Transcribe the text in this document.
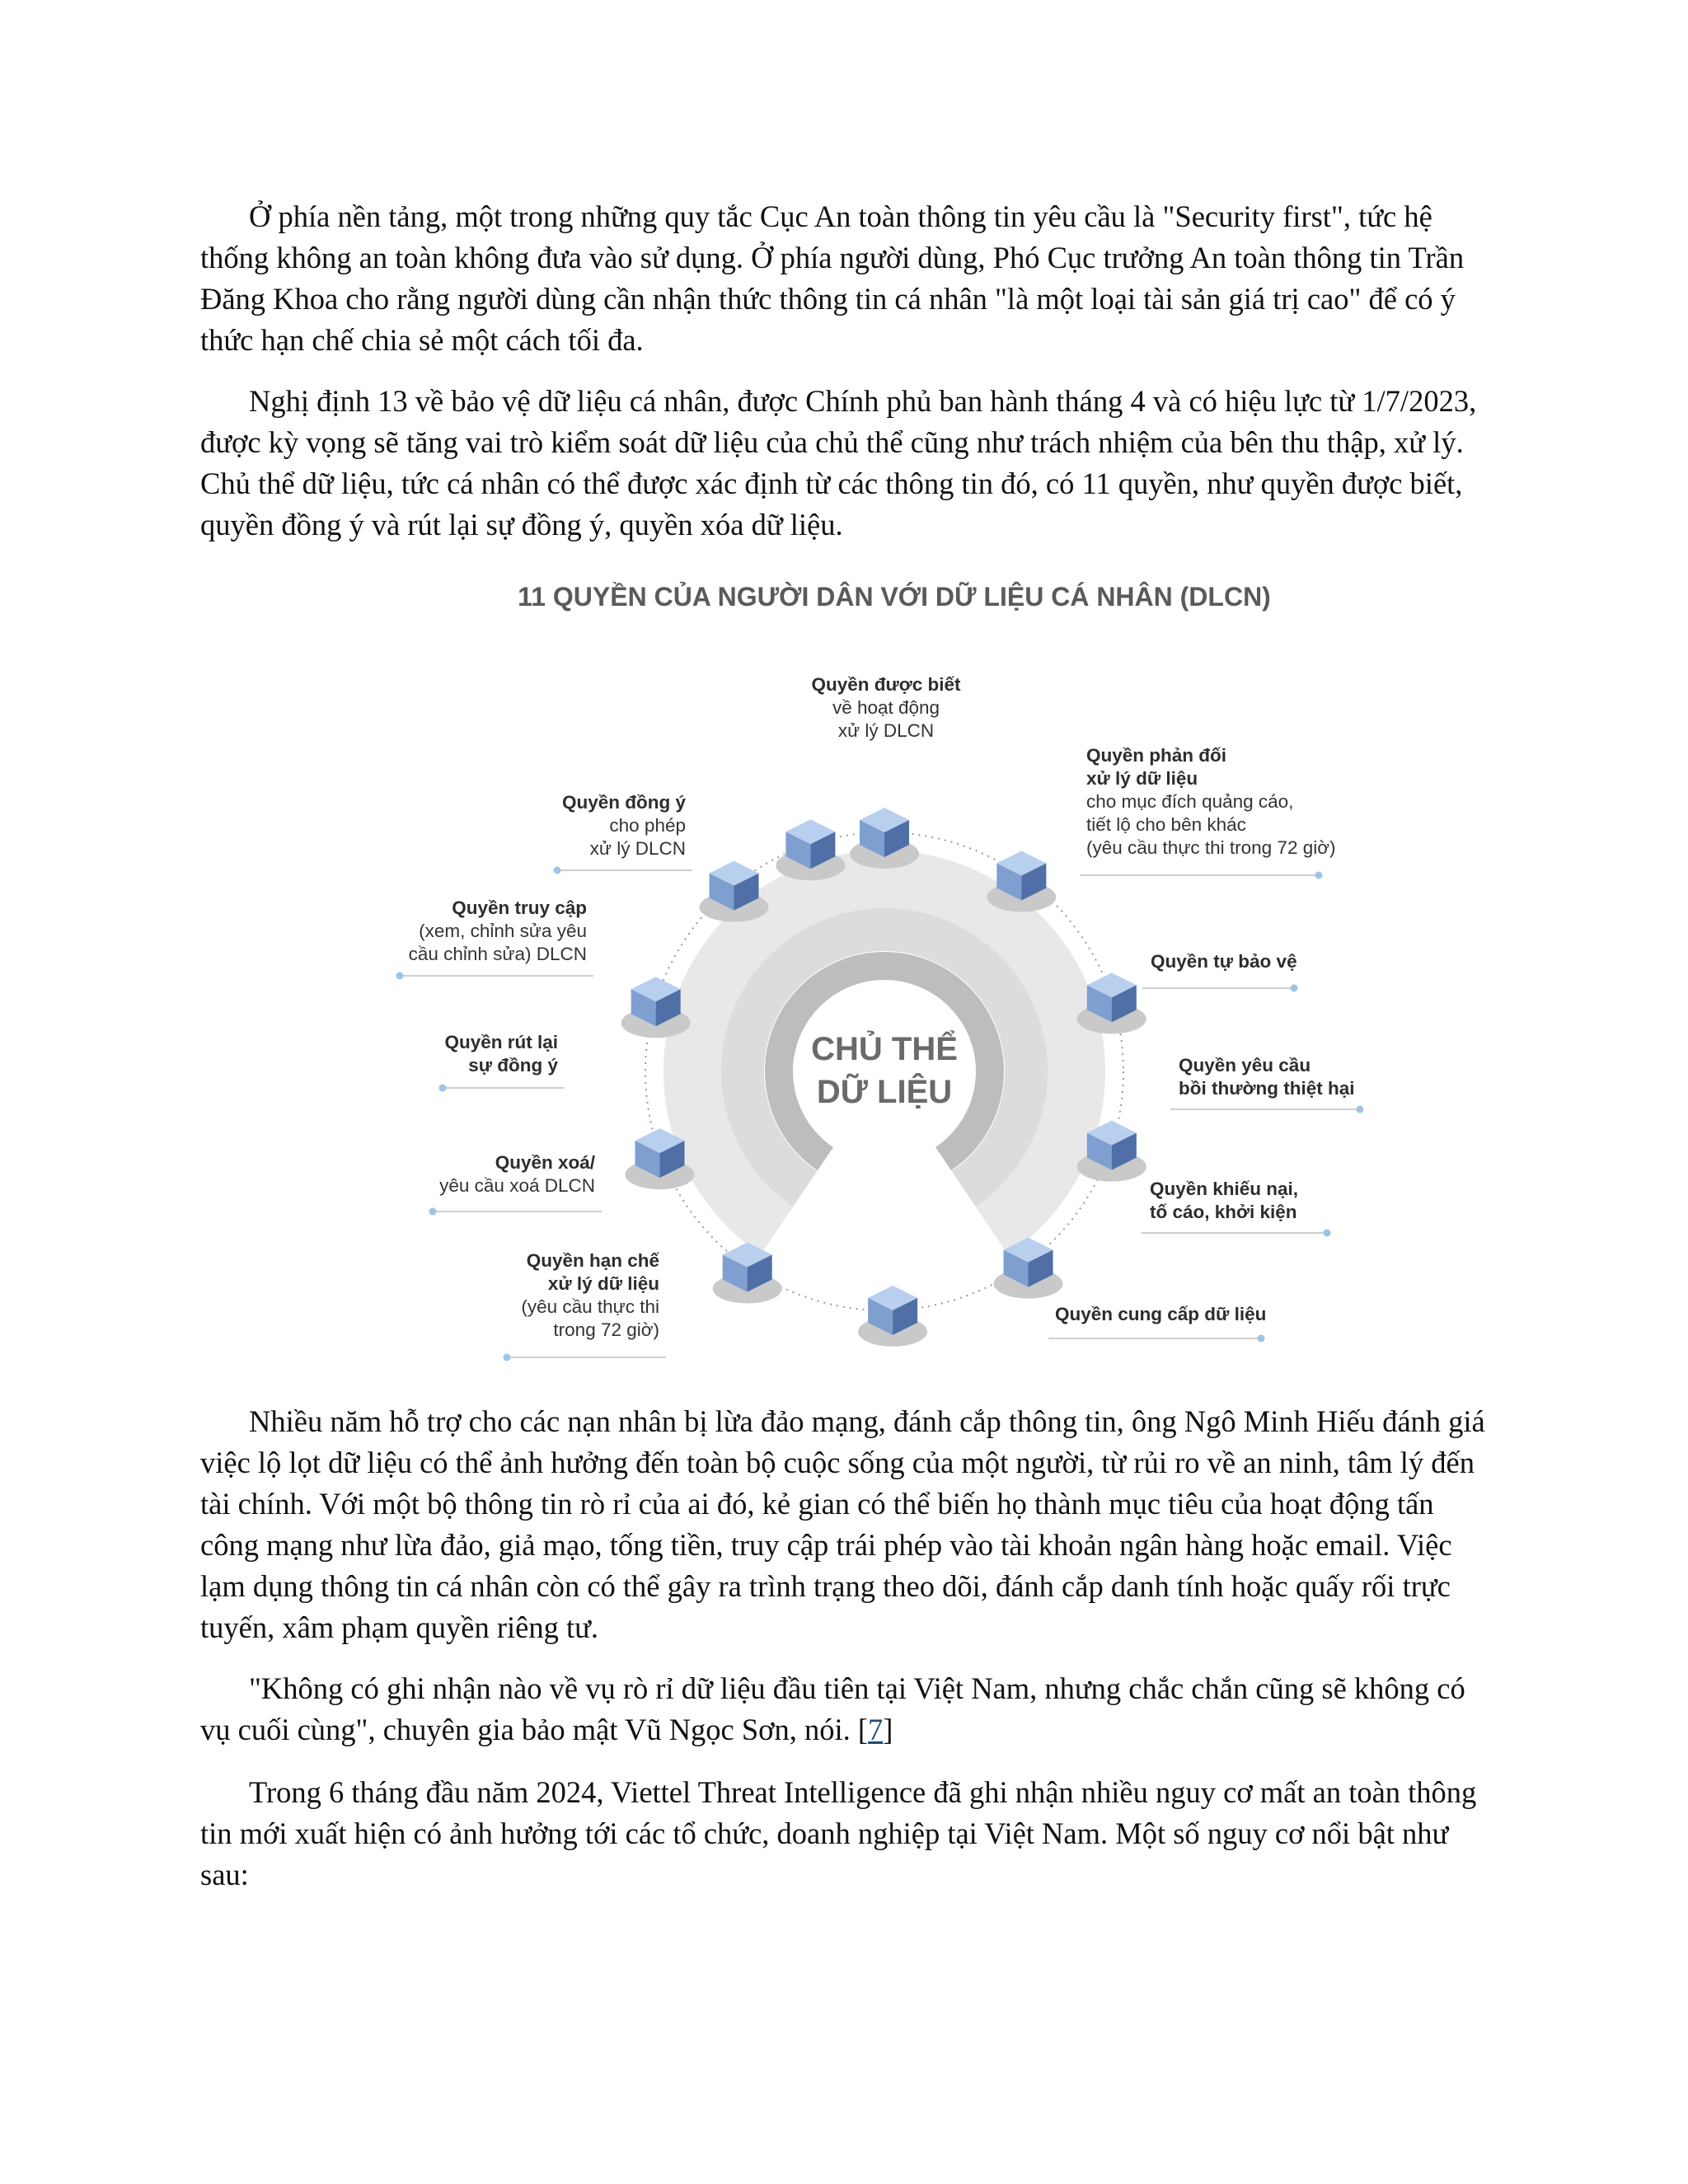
Ở phía nền tảng, một trong những quy tắc Cục An toàn thông tin yêu cầu là "Security first", tức hệ thống không an toàn không đưa vào sử dụng. Ở phía người dùng, Phó Cục trưởng An toàn thông tin Trần Đăng Khoa cho rằng người dùng cần nhận thức thông tin cá nhân "là một loại tài sản giá trị cao" để có ý thức hạn chế chia sẻ một cách tối đa.

Nghị định 13 về bảo vệ dữ liệu cá nhân, được Chính phủ ban hành tháng 4 và có hiệu lực từ 1/7/2023, được kỳ vọng sẽ tăng vai trò kiểm soát dữ liệu của chủ thể cũng như trách nhiệm của bên thu thập, xử lý. Chủ thể dữ liệu, tức cá nhân có thể được xác định từ các thông tin đó, có 11 quyền, như quyền được biết, quyền đồng ý và rút lại sự đồng ý, quyền xóa dữ liệu.

11 QUYỀN CỦA NGƯỜI DÂN VỚI DỮ LIỆU CÁ NHÂN (DLCN)
CHỦ THỂ
DỮ LIỆU
Quyền được biết
về hoạt động
xử lý DLCN
Quyền phản đối
xử lý dữ liệu
cho mục đích quảng cáo,
tiết lộ cho bên khác
(yêu cầu thực thi trong 72 giờ)
Quyền tự bảo vệ
Quyền yêu cầu
bồi thường thiệt hại
Quyền khiếu nại,
tố cáo, khởi kiện
Quyền cung cấp dữ liệu
Quyền hạn chế
xử lý dữ liệu
(yêu cầu thực thi
trong 72 giờ)
Quyền xoá/
yêu cầu xoá DLCN
Quyền rút lại
sự đồng ý
Quyền truy cập
(xem, chỉnh sửa yêu
cầu chỉnh sửa) DLCN
Quyền đồng ý
cho phép
xử lý DLCN

Nhiều năm hỗ trợ cho các nạn nhân bị lừa đảo mạng, đánh cắp thông tin, ông Ngô Minh Hiếu đánh giá việc lộ lọt dữ liệu có thể ảnh hưởng đến toàn bộ cuộc sống của một người, từ rủi ro về an ninh, tâm lý đến tài chính. Với một bộ thông tin rò rỉ của ai đó, kẻ gian có thể biến họ thành mục tiêu của hoạt động tấn công mạng như lừa đảo, giả mạo, tống tiền, truy cập trái phép vào tài khoản ngân hàng hoặc email. Việc lạm dụng thông tin cá nhân còn có thể gây ra trình trạng theo dõi, đánh cắp danh tính hoặc quấy rối trực tuyến, xâm phạm quyền riêng tư.

"Không có ghi nhận nào về vụ rò rỉ dữ liệu đầu tiên tại Việt Nam, nhưng chắc chắn cũng sẽ không có vụ cuối cùng", chuyên gia bảo mật Vũ Ngọc Sơn, nói. [7]

Trong 6 tháng đầu năm 2024, Viettel Threat Intelligence đã ghi nhận nhiều nguy cơ mất an toàn thông tin mới xuất hiện có ảnh hưởng tới các tổ chức, doanh nghiệp tại Việt Nam. Một số nguy cơ nổi bật như sau:
